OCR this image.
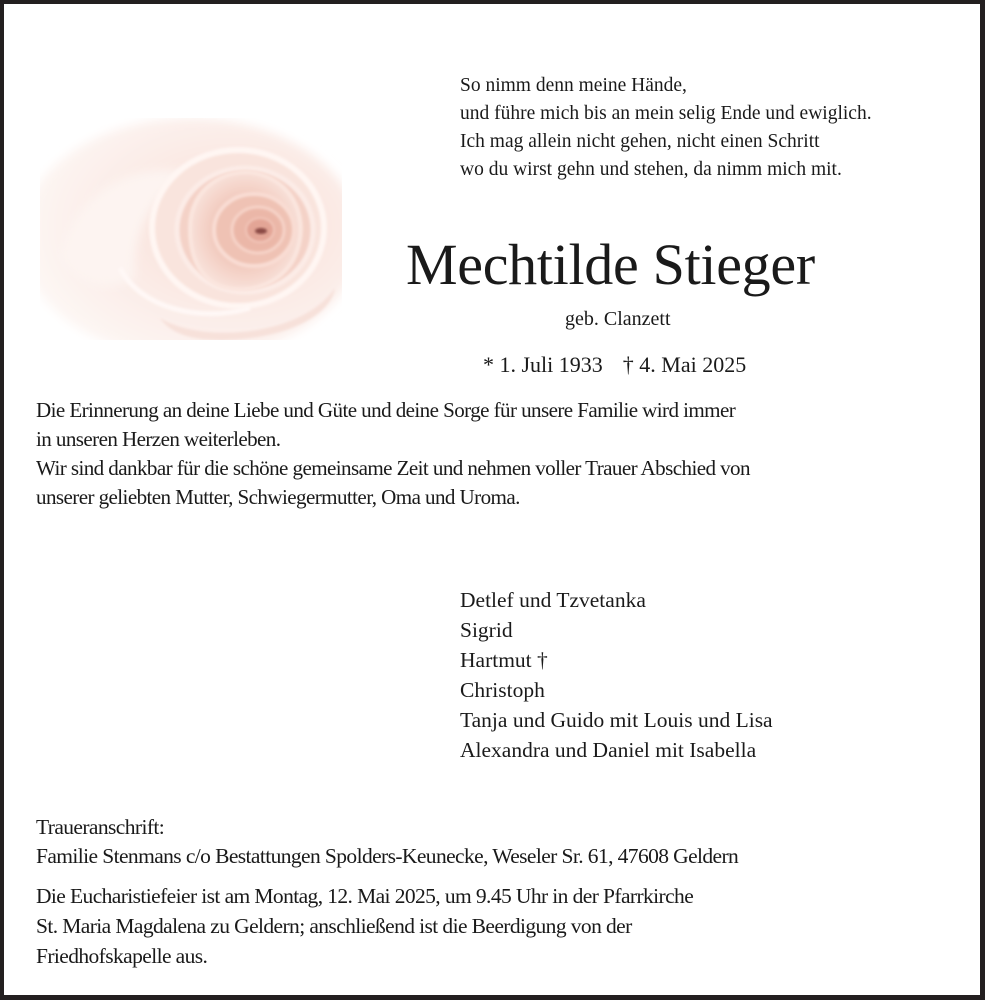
So nimm denn meine Hände,
und führe mich bis an mein selig Ende und ewiglich.
Ich mag allein nicht gehen, nicht einen Schritt
wo du wirst gehn und stehen, da nimm mich mit.
Mechtilde Stieger
geb. Clanzett
* 1. Juli 1933 † 4. Mai 2025
Die Erinnerung an deine Liebe und Güte und deine Sorge für unsere Familie wird immer
in unseren Herzen weiterleben.
Wir sind dankbar für die schöne gemeinsame Zeit und nehmen voller Trauer Abschied von
unserer geliebten Mutter, Schwiegermutter, Oma und Uroma.
Detlef und Tzvetanka
Sigrid
Hartmut †
Christoph
Tanja und Guido mit Louis und Lisa
Alexandra und Daniel mit Isabella
Traueranschrift:
Familie Stenmans c/o Bestattungen Spolders-Keunecke, Weseler Sr. 61, 47608 Geldern
Die Eucharistiefeier ist am Montag, 12. Mai 2025, um 9.45 Uhr in der Pfarrkirche
St. Maria Magdalena zu Geldern; anschließend ist die Beerdigung von der
Friedhofskapelle aus.
